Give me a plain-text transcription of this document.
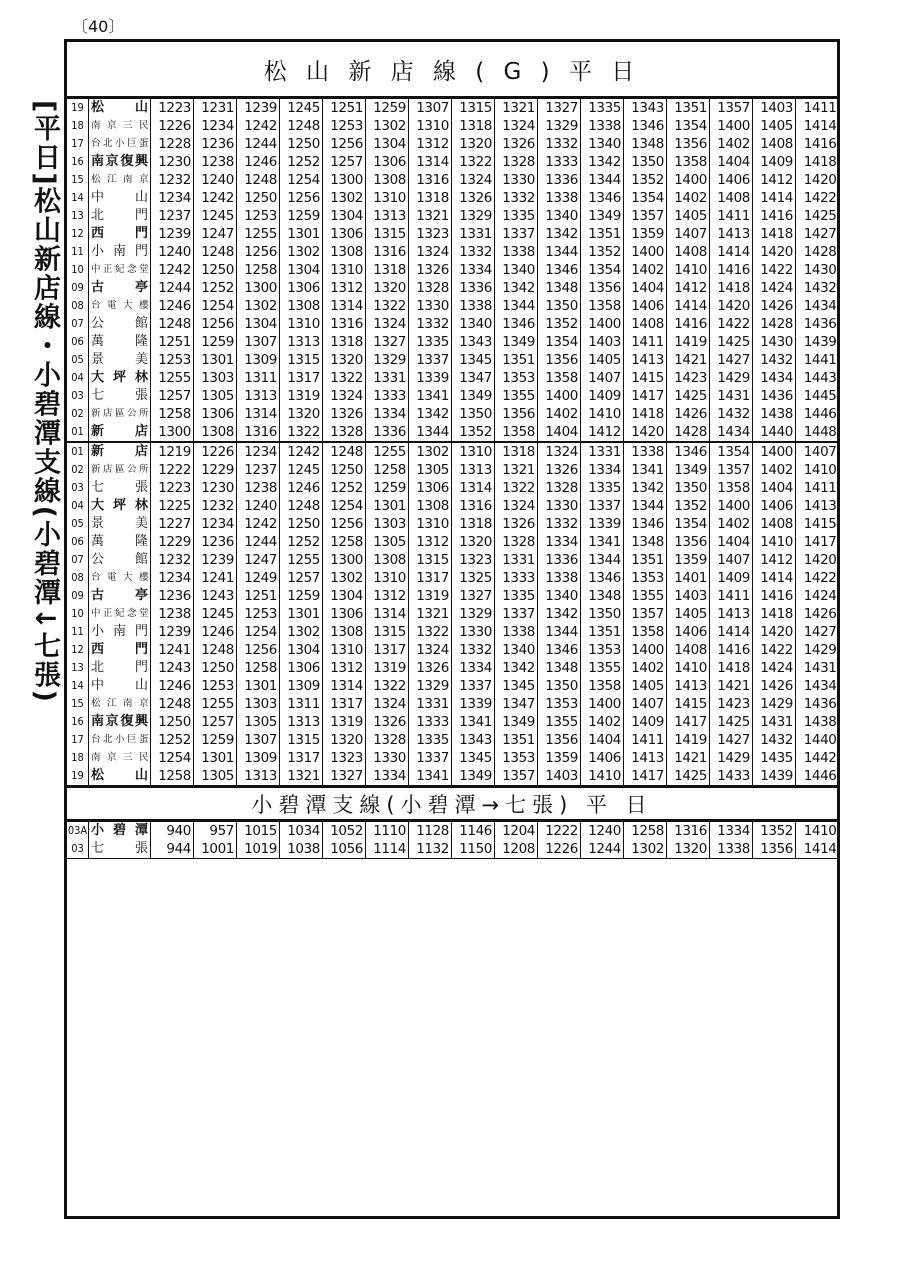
〔40〕
[平日]松山新店線・小碧潭支線(小碧潭↓七張)
松 山 新 店 線 ( G ) 平 日
19	松 山	1223	1231	1239	1245	1251	1259	1307	1315	1321	1327	1335	1343	1351	1357	1403	1411
18	南京三民	1226	1234	1242	1248	1253	1302	1310	1318	1324	1329	1338	1346	1354	1400	1405	1414
17	台北小巨蛋	1228	1236	1244	1250	1256	1304	1312	1320	1326	1332	1340	1348	1356	1402	1408	1416
16	南京復興	1230	1238	1246	1252	1257	1306	1314	1322	1328	1333	1342	1350	1358	1404	1409	1418
15	松江南京	1232	1240	1248	1254	1300	1308	1316	1324	1330	1336	1344	1352	1400	1406	1412	1420
14	中 山	1234	1242	1250	1256	1302	1310	1318	1326	1332	1338	1346	1354	1402	1408	1414	1422
13	北 門	1237	1245	1253	1259	1304	1313	1321	1329	1335	1340	1349	1357	1405	1411	1416	1425
12	西 門	1239	1247	1255	1301	1306	1315	1323	1331	1337	1342	1351	1359	1407	1413	1418	1427
11	小南門	1240	1248	1256	1302	1308	1316	1324	1332	1338	1344	1352	1400	1408	1414	1420	1428
10	中正紀念堂	1242	1250	1258	1304	1310	1318	1326	1334	1340	1346	1354	1402	1410	1416	1422	1430
09	古 亭	1244	1252	1300	1306	1312	1320	1328	1336	1342	1348	1356	1404	1412	1418	1424	1432
08	台電大樓	1246	1254	1302	1308	1314	1322	1330	1338	1344	1350	1358	1406	1414	1420	1426	1434
07	公 館	1248	1256	1304	1310	1316	1324	1332	1340	1346	1352	1400	1408	1416	1422	1428	1436
06	萬 隆	1251	1259	1307	1313	1318	1327	1335	1343	1349	1354	1403	1411	1419	1425	1430	1439
05	景 美	1253	1301	1309	1315	1320	1329	1337	1345	1351	1356	1405	1413	1421	1427	1432	1441
04	大坪林	1255	1303	1311	1317	1322	1331	1339	1347	1353	1358	1407	1415	1423	1429	1434	1443
03	七 張	1257	1305	1313	1319	1324	1333	1341	1349	1355	1400	1409	1417	1425	1431	1436	1445
02	新店區公所	1258	1306	1314	1320	1326	1334	1342	1350	1356	1402	1410	1418	1426	1432	1438	1446
01	新 店	1300	1308	1316	1322	1328	1336	1344	1352	1358	1404	1412	1420	1428	1434	1440	1448
01	新 店	1219	1226	1234	1242	1248	1255	1302	1310	1318	1324	1331	1338	1346	1354	1400	1407
02	新店區公所	1222	1229	1237	1245	1250	1258	1305	1313	1321	1326	1334	1341	1349	1357	1402	1410
03	七 張	1223	1230	1238	1246	1252	1259	1306	1314	1322	1328	1335	1342	1350	1358	1404	1411
04	大坪林	1225	1232	1240	1248	1254	1301	1308	1316	1324	1330	1337	1344	1352	1400	1406	1413
05	景 美	1227	1234	1242	1250	1256	1303	1310	1318	1326	1332	1339	1346	1354	1402	1408	1415
06	萬 隆	1229	1236	1244	1252	1258	1305	1312	1320	1328	1334	1341	1348	1356	1404	1410	1417
07	公 館	1232	1239	1247	1255	1300	1308	1315	1323	1331	1336	1344	1351	1359	1407	1412	1420
08	台電大樓	1234	1241	1249	1257	1302	1310	1317	1325	1333	1338	1346	1353	1401	1409	1414	1422
09	古 亭	1236	1243	1251	1259	1304	1312	1319	1327	1335	1340	1348	1355	1403	1411	1416	1424
10	中正紀念堂	1238	1245	1253	1301	1306	1314	1321	1329	1337	1342	1350	1357	1405	1413	1418	1426
11	小南門	1239	1246	1254	1302	1308	1315	1322	1330	1338	1344	1351	1358	1406	1414	1420	1427
12	西 門	1241	1248	1256	1304	1310	1317	1324	1332	1340	1346	1353	1400	1408	1416	1422	1429
13	北 門	1243	1250	1258	1306	1312	1319	1326	1334	1342	1348	1355	1402	1410	1418	1424	1431
14	中 山	1246	1253	1301	1309	1314	1322	1329	1337	1345	1350	1358	1405	1413	1421	1426	1434
15	松江南京	1248	1255	1303	1311	1317	1324	1331	1339	1347	1353	1400	1407	1415	1423	1429	1436
16	南京復興	1250	1257	1305	1313	1319	1326	1333	1341	1349	1355	1402	1409	1417	1425	1431	1438
17	台北小巨蛋	1252	1259	1307	1315	1320	1328	1335	1343	1351	1356	1404	1411	1419	1427	1432	1440
18	南京三民	1254	1301	1309	1317	1323	1330	1337	1345	1353	1359	1406	1413	1421	1429	1435	1442
19	松 山	1258	1305	1313	1321	1327	1334	1341	1349	1357	1403	1410	1417	1425	1433	1439	1446
小碧潭支線(小碧潭→七張) 平 日
03A	小碧潭	940	957	1015	1034	1052	1110	1128	1146	1204	1222	1240	1258	1316	1334	1352	1410
03	七 張	944	1001	1019	1038	1056	1114	1132	1150	1208	1226	1244	1302	1320	1338	1356	1414
